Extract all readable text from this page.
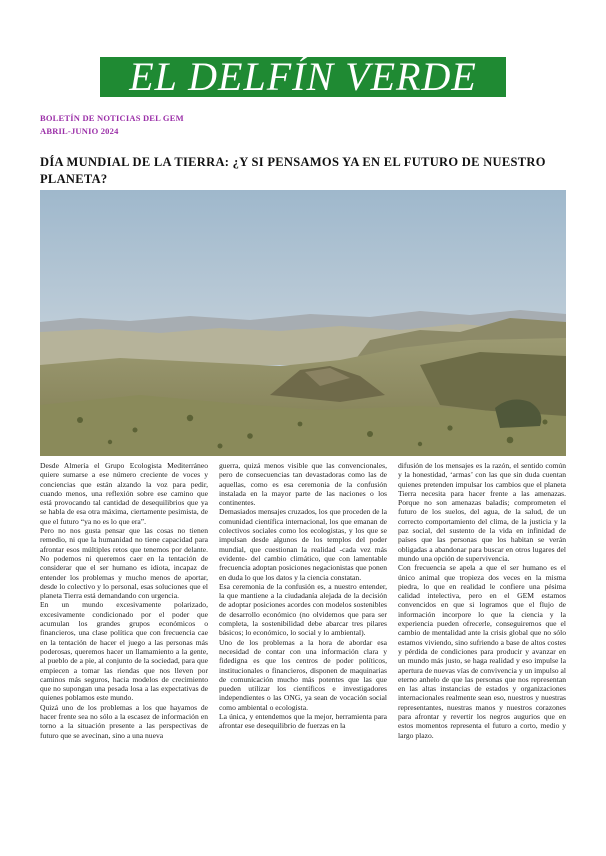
EL DELFÍN VERDE
BOLETÍN DE NOTICIAS DEL GEM
ABRIL-JUNIO 2024
DÍA MUNDIAL DE LA TIERRA: ¿Y SI PENSAMOS YA EN EL FUTURO DE NUESTRO PLANETA?

Desde Almería el Grupo Ecologista Mediterráneo quiere sumarse a ese número creciente de voces y conciencias que están alzando la voz para pedir, cuando menos, una reflexión sobre ese camino que está provocando tal cantidad de desequilibrios que ya se habla de esa otra máxima, ciertamente pesimista, de que el futuro “ya no es lo que era”.

Pero no nos gusta pensar que las cosas no tienen remedio, ni que la humanidad no tiene capacidad para afrontar esos múltiples retos que tenemos por delante. No podemos ni queremos caer en la tentación de considerar que el ser humano es idiota, incapaz de entender los problemas y mucho menos de aportar, desde lo colectivo y lo personal, esas soluciones que el planeta Tierra está demandando con urgencia.

En un mundo excesivamente polarizado, excesivamente condicionado por el poder que acumulan los grandes grupos económicos o financieros, una clase política que con frecuencia cae en la tentación de hacer el juego a las personas más poderosas, queremos hacer un llamamiento a la gente, al pueblo de a pie, al conjunto de la sociedad, para que empiecen a tomar las riendas que nos lleven por caminos más seguros, hacia modelos de crecimiento que no supongan una pesada losa a las expectativas de quienes poblamos este mundo.

Quizá uno de los problemas a los que hayamos de hacer frente sea no sólo a la escasez de información en torno a la situación presente a las perspectivas de futuro que se avecinan, sino a una nueva

guerra, quizá menos visible que las convencionales, pero de consecuencias tan devastadoras como las de aquellas, como es esa ceremonia de la confusión instalada en la mayor parte de las naciones o los continentes.

Demasiados mensajes cruzados, los que proceden de la comunidad científica internacional, los que emanan de colectivos sociales como los ecologistas, y los que se impulsan desde algunos de los templos del poder mundial, que cuestionan la realidad -cada vez más evidente- del cambio climático, que con lamentable frecuencia adoptan posiciones negacionistas que ponen en duda lo que los datos y la ciencia constatan.

Esa ceremonia de la confusión es, a nuestro entender, la que mantiene a la ciudadanía alejada de la decisión de adoptar posiciones acordes con modelos sostenibles de desarrollo económico (no olvidemos que para ser completa, la sostenibilidad debe abarcar tres pilares básicos; lo económico, lo social y lo ambiental).

Uno de los problemas a la hora de abordar esa necesidad de contar con una información clara y fidedigna es que los centros de poder políticos, institucionales o financieros, disponen de maquinarias de comunicación mucho más potentes que las que pueden utilizar los científicos e investigadores independientes o las ONG, ya sean de vocación social como ambiental o ecologista.

La única, y entendemos que la mejor, herramienta para afrontar ese desequilibrio de fuerzas en la

difusión de los mensajes es la razón, el sentido común y la honestidad, ‘armas’ con las que sin duda cuentan quienes pretenden impulsar los cambios que el planeta Tierra necesita para hacer frente a las amenazas. Porque no son amenazas baladís; comprometen el futuro de los suelos, del agua, de la salud, de un correcto comportamiento del clima, de la justicia y la paz social, del sustento de la vida en infinidad de países que las personas que los habitan se verán obligadas a abandonar para buscar en otros lugares del mundo una opción de supervivencia.

Con frecuencia se apela a que el ser humano es el único animal que tropieza dos veces en la misma piedra, lo que en realidad le confiere una pésima calidad intelectiva, pero en el GEM estamos convencidos en que si logramos que el flujo de información incorpore lo que la ciencia y la experiencia pueden ofrecerle, conseguiremos que el cambio de mentalidad ante la crisis global que no sólo estamos viviendo, sino sufriendo a base de altos costes y pérdida de condiciones para producir y avanzar en un mundo más justo, se haga realidad y eso impulse la apertura de nuevas vías de convivencia y un impulso al eterno anhelo de que las personas que nos representan en las altas instancias de estados y organizaciones internacionales realmente sean eso, nuestros y nuestras representantes, nuestras manos y nuestros corazones para afrontar y revertir los negros augurios que en estos momentos representa el futuro a corto, medio y largo plazo.
